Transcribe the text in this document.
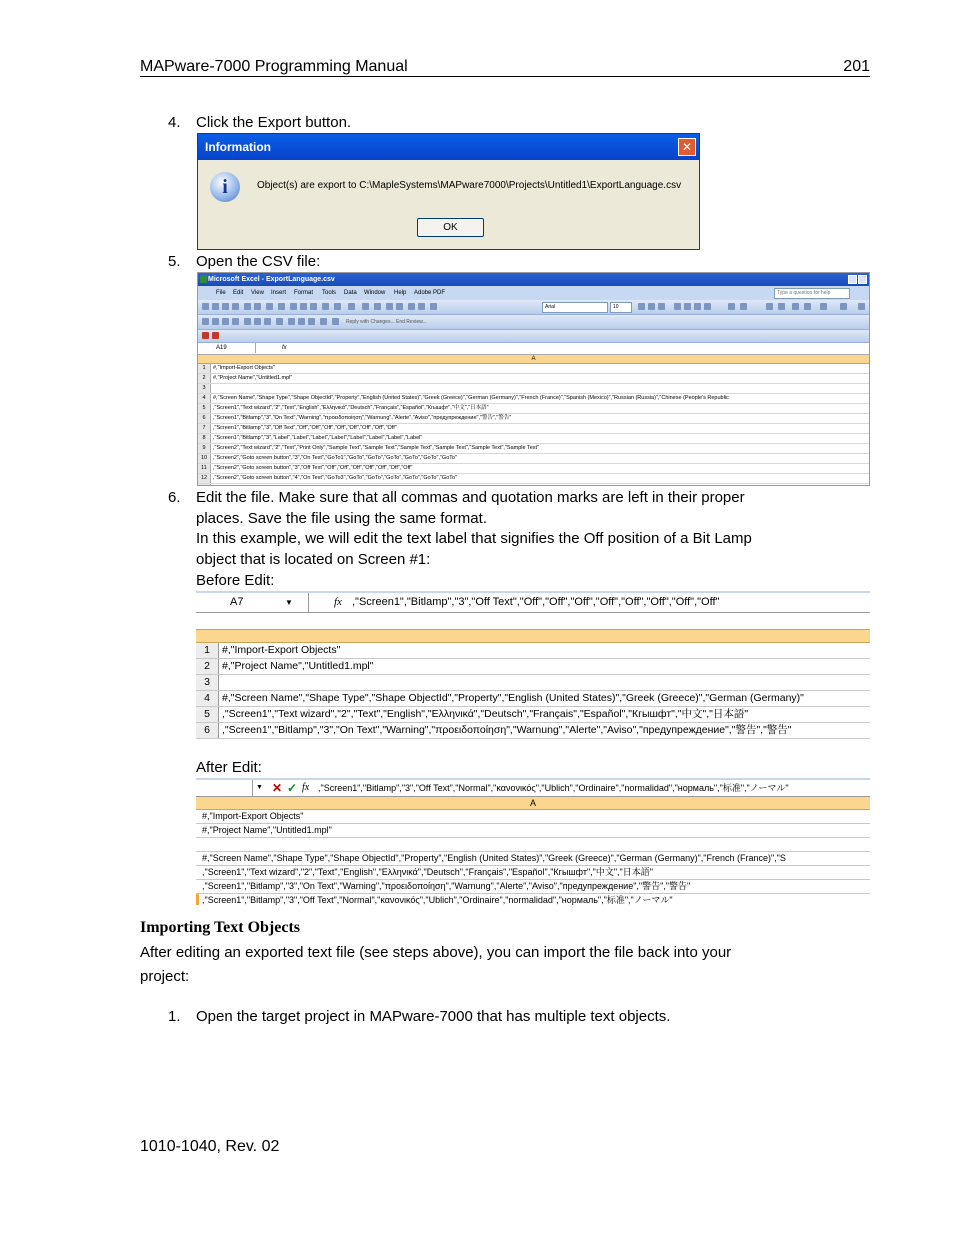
MAPware-7000 Programming Manual	201
4. Click the Export button.
Information	✕
i	Object(s) are export to C:\MapleSystems\MAPware7000\Projects\Untitled1\ExportLanguage.csv
OK
5. Open the CSV file:
Microsoft Excel - ExportLanguage.csv
File Edit View Insert Format Tools Data Window Help Adobe PDF	Type a question for help
Arial	10
Reply with Changes... End Review...
A19	fx
A
1	#,"Import-Export Objects"
2	#,"Project Name","Untitled1.mpl"
3
4	#,"Screen Name","Shape Type","Shape ObjectId","Property","English (United States)","Greek (Greece)","German (Germany)","French (France)","Spanish (Mexico)","Russian (Russia)","Chinese (People's Republic
5	,"Screen1","Text wizard","2","Text","English","Ελληνικά","Deutsch","Français","Español","Кгышфт","中文","日本語"
6	,"Screen1","Bitlamp","3","On Text","Warning","προειδοποίηση","Warnung","Alerte","Aviso","предупреждение","警告","警告"
7	,"Screen1","Bitlamp","3","Off Text","Off","Off","Off","Off","Off","Off","Off","Off"
8	,"Screen1","Bitlamp","3","Label","Label","Label","Label","Label","Label","Label","Label"
9	,"Screen2","Text wizard","2","Text","Print Only","Sample Text","Sample Text","Sample Text","Sample Text","Sample Text","Sample Text"
10	,"Screen2","Goto screen button","3","On Text","GoTo1","GoTo","GoTo","GoTo","GoTo","GoTo","GoTo"
11	,"Screen2","Goto screen button","3","Off Text","Off","Off","Off","Off","Off","Off","Off"
12	,"Screen2","Goto screen button","4","On Text","GoTo3","GoTo","GoTo","GoTo","GoTo","GoTo","GoTo"
6. Edit the file. Make sure that all commas and quotation marks are left in their proper
places. Save the file using the same format.
In this example, we will edit the text label that signifies the Off position of a Bit Lamp
object that is located on Screen #1:
Before Edit:
A7	▼	fx ,"Screen1","Bitlamp","3","Off Text","Off","Off","Off","Off","Off","Off","Off","Off"
1	#,"Import-Export Objects"
2	#,"Project Name","Untitled1.mpl"
3
4	#,"Screen Name","Shape Type","Shape ObjectId","Property","English (United States)","Greek (Greece)","German (Germany)"
5	,"Screen1","Text wizard","2","Text","English","Ελληνικά","Deutsch","Français","Español","Кгышфт","中文","日本語"
6	,"Screen1","Bitlamp","3","On Text","Warning","προειδοποίηση","Warnung","Alerte","Aviso","предупреждение","警告","警告"
After Edit:
▼ ✕ ✓ fx ,"Screen1","Bitlamp","3","Off Text","Normal","κανονικός","Ublich","Ordinaire","normalidad","нормаль","标准","ノーマル"
A
#,"Import-Export Objects"
#,"Project Name","Untitled1.mpl"
#,"Screen Name","Shape Type","Shape ObjectId","Property","English (United States)","Greek (Greece)","German (Germany)","French (France)","S
,"Screen1","Text wizard","2","Text","English","Ελληνικά","Deutsch","Français","Español","Кгышфт","中文","日本語"
,"Screen1","Bitlamp","3","On Text","Warning","προειδοποίηση","Warnung","Alerte","Aviso","предупреждение","警告","警告"
,"Screen1","Bitlamp","3","Off Text","Normal","κανονικός","Ublich","Ordinaire","normalidad","нормаль","标准","ノーマル"
Importing Text Objects
After editing an exported text file (see steps above), you can import the file back into your
project:
1. Open the target project in MAPware-7000 that has multiple text objects.
1010-1040, Rev. 02
